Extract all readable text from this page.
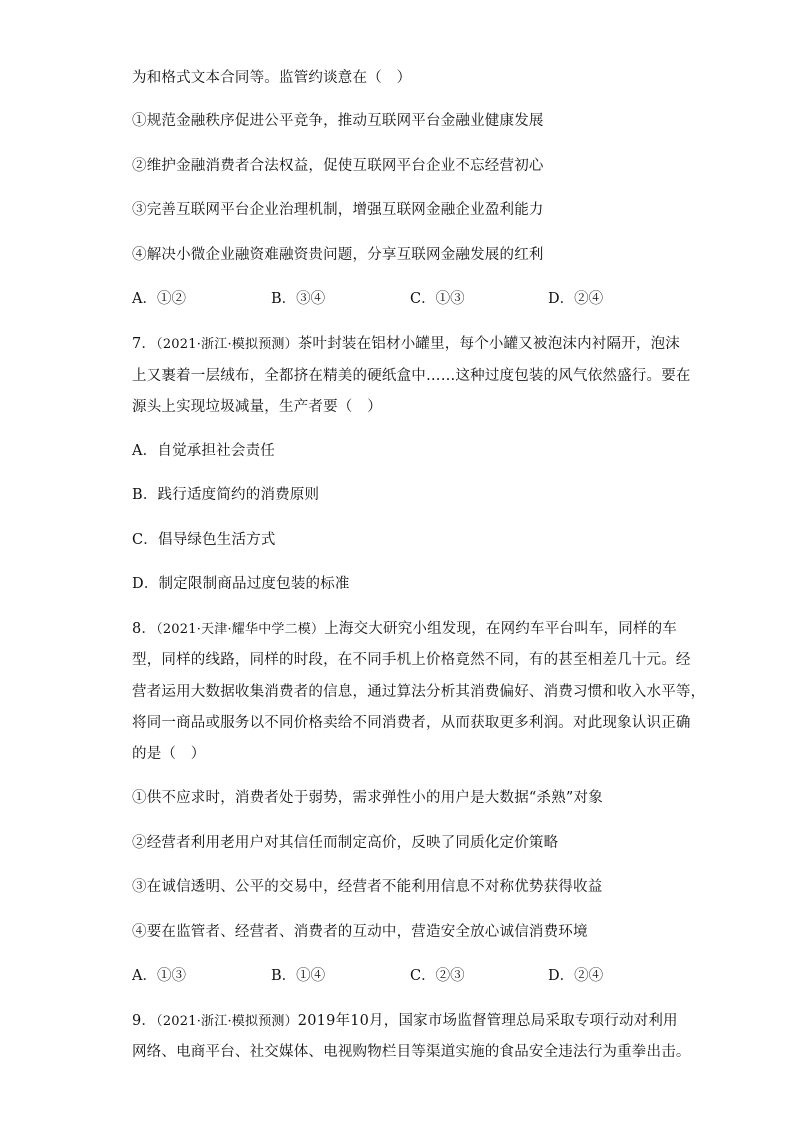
为和格式文本合同等。监管约谈意在（　）
①规范金融秩序促进公平竞争，推动互联网平台金融业健康发展
②维护金融消费者合法权益，促使互联网平台企业不忘经营初心
③完善互联网平台企业治理机制，增强互联网金融企业盈利能力
④解决小微企业融资难融资贵问题，分享互联网金融发展的红利
A．①②	B．③④	C．①③	D．②④
7．（2021·浙江·模拟预测）茶叶封装在铝材小罐里，每个小罐又被泡沫内衬隔开，泡沫
上又裹着一层绒布，全都挤在精美的硬纸盒中……这种过度包装的风气依然盛行。要在
源头上实现垃圾减量，生产者要（　）
A．自觉承担社会责任
B．践行适度简约的消费原则
C．倡导绿色生活方式
D．制定限制商品过度包装的标准
8．（2021·天津·耀华中学二模）上海交大研究小组发现，在网约车平台叫车，同样的车
型，同样的线路，同样的时段，在不同手机上价格竟然不同，有的甚至相差几十元。经
营者运用大数据收集消费者的信息，通过算法分析其消费偏好、消费习惯和收入水平等，
将同一商品或服务以不同价格卖给不同消费者，从而获取更多利润。对此现象认识正确
的是（　）
①供不应求时，消费者处于弱势，需求弹性小的用户是大数据“杀熟”对象
②经营者利用老用户对其信任而制定高价，反映了同质化定价策略
③在诚信透明、公平的交易中，经营者不能利用信息不对称优势获得收益
④要在监管者、经营者、消费者的互动中，营造安全放心诚信消费环境
A．①③	B．①④	C．②③	D．②④
9．（2021·浙江·模拟预测）2019年10月，国家市场监督管理总局采取专项行动对利用
网络、电商平台、社交媒体、电视购物栏目等渠道实施的食品安全违法行为重拳出击。
